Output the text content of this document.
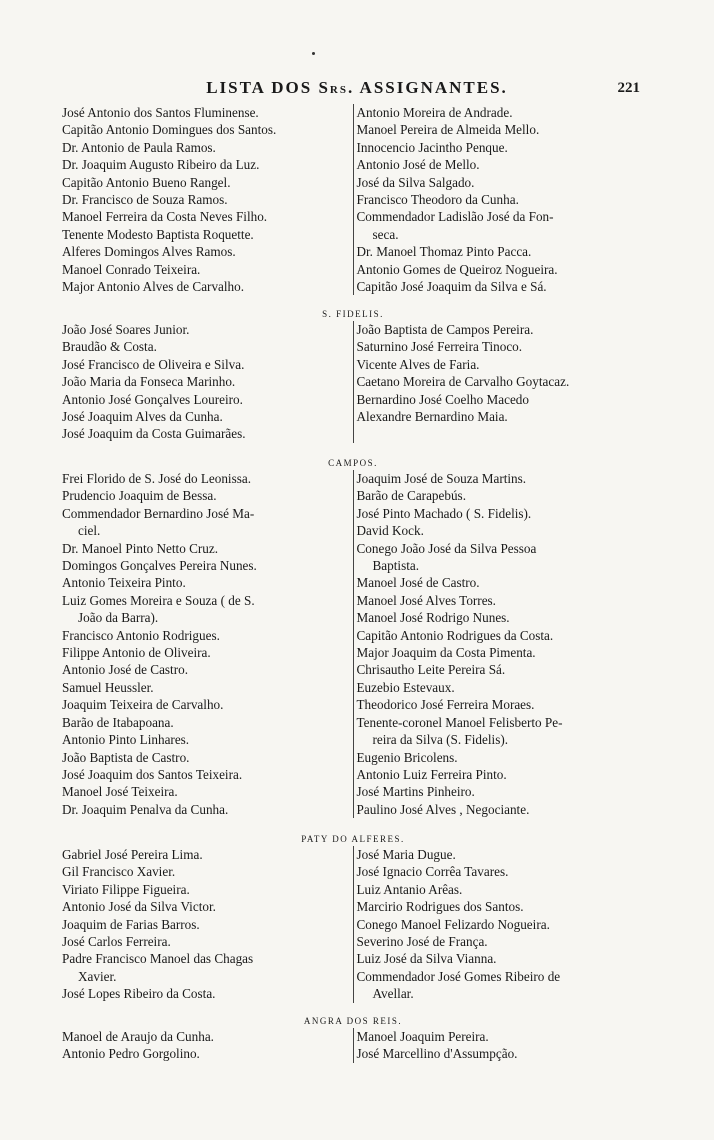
LISTA DOS SRS. ASSIGNANTES.	221
José Antonio dos Santos Fluminense.
Capitão Antonio Domingues dos Santos.
Dr. Antonio de Paula Ramos.
Dr. Joaquim Augusto Ribeiro da Luz.
Capitão Antonio Bueno Rangel.
Dr. Francisco de Souza Ramos.
Manoel Ferreira da Costa Neves Filho.
Tenente Modesto Baptista Roquette.
Alferes Domingos Alves Ramos.
Manoel Conrado Teixeira.
Major Antonio Alves de Carvalho.
Antonio Moreira de Andrade.
Manoel Pereira de Almeida Mello.
Innocencio Jacintho Penque.
Antonio José de Mello.
José da Silva Salgado.
Francisco Theodoro da Cunha.
Commendador Ladislão José da Fon-
seca.
Dr. Manoel Thomaz Pinto Pacca.
Antonio Gomes de Queiroz Nogueira.
Capitão José Joaquim da Silva e Sá.
S. FIDELIS.
João José Soares Junior.
Braudão & Costa.
José Francisco de Oliveira e Silva.
João Maria da Fonseca Marinho.
Antonio José Gonçalves Loureiro.
José Joaquim Alves da Cunha.
José Joaquim da Costa Guimarães.
João Baptista de Campos Pereira.
Saturnino José Ferreira Tinoco.
Vicente Alves de Faria.
Caetano Moreira de Carvalho Goytacaz.
Bernardino José Coelho Macedo
Alexandre Bernardino Maia.
CAMPOS.
Frei Florido de S. José do Leonissa.
Prudencio Joaquim de Bessa.
Commendador Bernardino José Ma-
ciel.
Dr. Manoel Pinto Netto Cruz.
Domingos Gonçalves Pereira Nunes.
Antonio Teixeira Pinto.
Luiz Gomes Moreira e Souza ( de S.
João da Barra).
Francisco Antonio Rodrigues.
Filippe Antonio de Oliveira.
Antonio José de Castro.
Samuel Heussler.
Joaquim Teixeira de Carvalho.
Barão de Itabapoana.
Antonio Pinto Linhares.
João Baptista de Castro.
José Joaquim dos Santos Teixeira.
Manoel José Teixeira.
Dr. Joaquim Penalva da Cunha.
Joaquim José de Souza Martins.
Barão de Carapebús.
José Pinto Machado ( S. Fidelis).
David Kock.
Conego João José da Silva Pessoa
Baptista.
Manoel José de Castro.
Manoel José Alves Torres.
Manoel José Rodrigo Nunes.
Capitão Antonio Rodrigues da Costa.
Major Joaquim da Costa Pimenta.
Chrisautho Leite Pereira Sá.
Euzebio Estevaux.
Theodorico José Ferreira Moraes.
Tenente-coronel Manoel Felisberto Pe-
reira da Silva (S. Fidelis).
Eugenio Bricolens.
Antonio Luiz Ferreira Pinto.
José Martins Pinheiro.
Paulino José Alves , Negociante.
PATY DO ALFERES.
Gabriel José Pereira Lima.
Gil Francisco Xavier.
Viriato Filippe Figueira.
Antonio José da Silva Victor.
Joaquim de Farias Barros.
José Carlos Ferreira.
Padre Francisco Manoel das Chagas
Xavier.
José Lopes Ribeiro da Costa.
José Maria Dugue.
José Ignacio Corrêa Tavares.
Luiz Antanio Arêas.
Marcirio Rodrigues dos Santos.
Conego Manoel Felizardo Nogueira.
Severino José de França.
Luiz José da Silva Vianna.
Commendador José Gomes Ribeiro de
Avellar.
ANGRA DOS REIS.
Manoel de Araujo da Cunha.
Antonio Pedro Gorgolino.
Manoel Joaquim Pereira.
José Marcellino d'Assumpção.
